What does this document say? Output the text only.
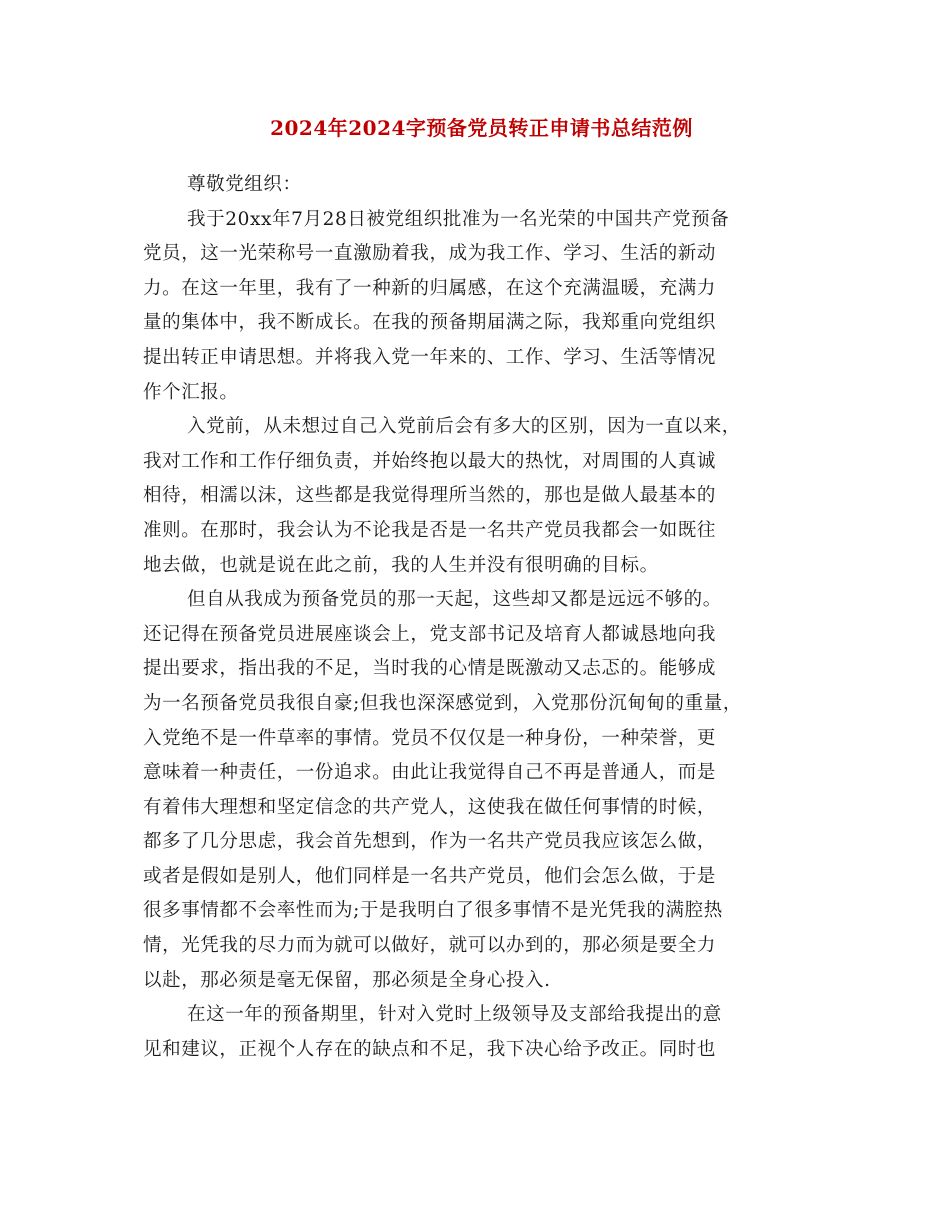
2024年2024字预备党员转正申请书总结范例
尊敬党组织：
我于20xx年7月28日被党组织批准为一名光荣的中国共产党预备
党员，这一光荣称号一直激励着我，成为我工作、学习、生活的新动
力。在这一年里，我有了一种新的归属感，在这个充满温暖，充满力
量的集体中，我不断成长。在我的预备期届满之际，我郑重向党组织
提出转正申请思想。并将我入党一年来的、工作、学习、生活等情况
作个汇报。
入党前，从未想过自己入党前后会有多大的区别，因为一直以来，
我对工作和工作仔细负责，并始终抱以最大的热忱，对周围的人真诚
相待，相濡以沫，这些都是我觉得理所当然的，那也是做人最基本的
准则。在那时，我会认为不论我是否是一名共产党员我都会一如既往
地去做，也就是说在此之前，我的人生并没有很明确的目标。
但自从我成为预备党员的那一天起，这些却又都是远远不够的。
还记得在预备党员进展座谈会上，党支部书记及培育人都诚恳地向我
提出要求，指出我的不足，当时我的心情是既激动又忐忑的。能够成
为一名预备党员我很自豪;但我也深深感觉到，入党那份沉甸甸的重量，
入党绝不是一件草率的事情。党员不仅仅是一种身份，一种荣誉，更
意味着一种责任，一份追求。由此让我觉得自己不再是普通人，而是
有着伟大理想和坚定信念的共产党人，这使我在做任何事情的时候，
都多了几分思虑，我会首先想到，作为一名共产党员我应该怎么做，
或者是假如是别人，他们同样是一名共产党员，他们会怎么做，于是
很多事情都不会率性而为;于是我明白了很多事情不是光凭我的满腔热
情，光凭我的尽力而为就可以做好，就可以办到的，那必须是要全力
以赴，那必须是毫无保留，那必须是全身心投入.
在这一年的预备期里，针对入党时上级领导及支部给我提出的意
见和建议，正视个人存在的缺点和不足，我下决心给予改正。同时也
